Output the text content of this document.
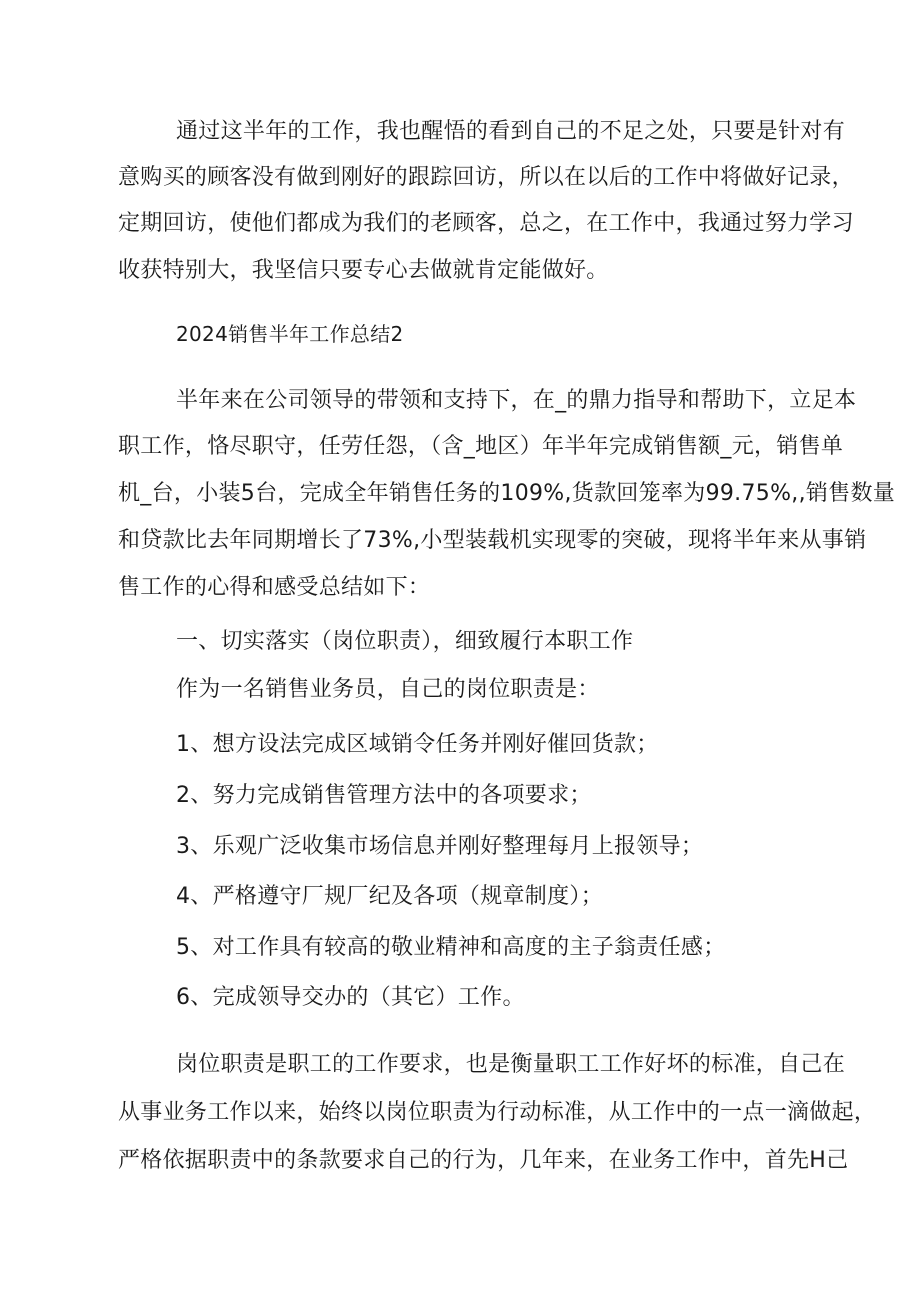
通过这半年的工作，我也醒悟的看到自己的不足之处，只要是针对有
意购买的顾客没有做到刚好的跟踪回访，所以在以后的工作中将做好记录，
定期回访，使他们都成为我们的老顾客，总之，在工作中，我通过努力学习
收获特别大，我坚信只要专心去做就肯定能做好。
2024销售半年工作总结2
半年来在公司领导的带领和支持下，在_的鼎力指导和帮助下，立足本
职工作，恪尽职守，任劳任怨，（含_地区）年半年完成销售额_元，销售单
机_台，小装5台，完成全年销售任务的109%,货款回笼率为99.75%,,销售数量
和贷款比去年同期增长了73%,小型装载机实现零的突破，现将半年来从事销
售工作的心得和感受总结如下：
一、切实落实（岗位职责），细致履行本职工作
作为一名销售业务员，自己的岗位职责是：
1、想方设法完成区域销令任务并刚好催回货款；
2、努力完成销售管理方法中的各项要求；
3、乐观广泛收集市场信息并刚好整理每月上报领导；
4、严格遵守厂规厂纪及各项（规章制度）；
5、对工作具有较高的敬业精神和高度的主子翁责任感；
6、完成领导交办的（其它）工作。
岗位职责是职工的工作要求，也是衡量职工工作好坏的标准，自己在
从事业务工作以来，始终以岗位职责为行动标准，从工作中的一点一滴做起，
严格依据职责中的条款要求自己的行为，几年来，在业务工作中，首先H己
